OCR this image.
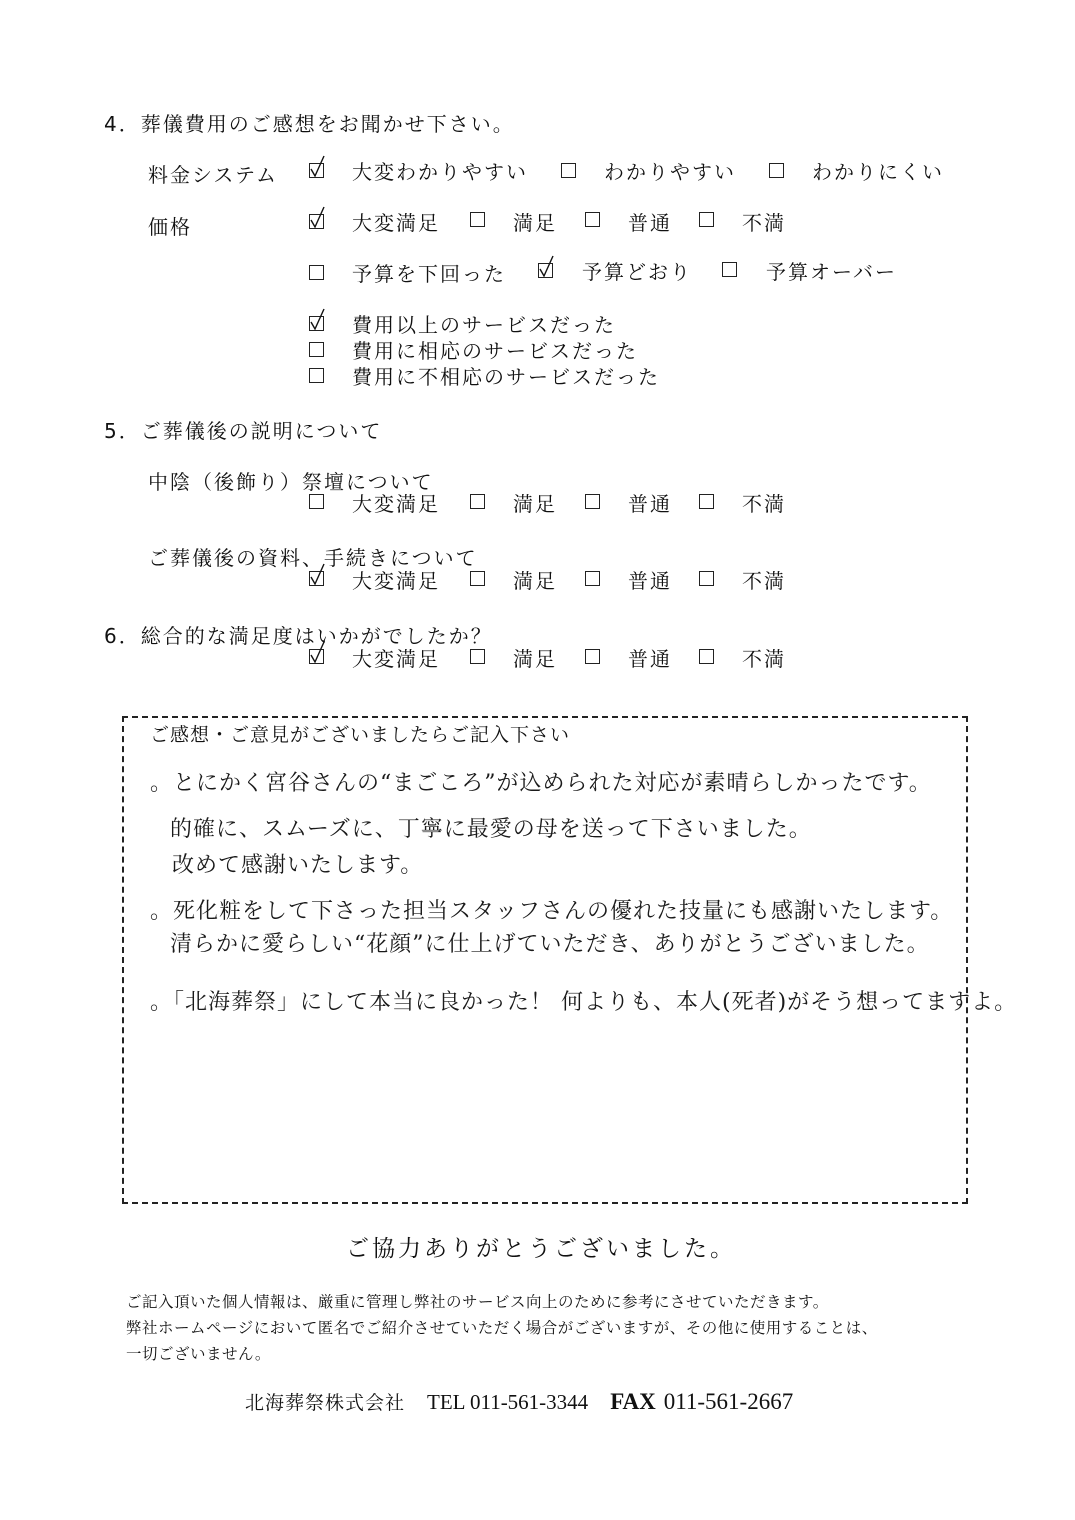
4．葬儀費用のご感想をお聞かせ下さい。
料金システム	大変わかりやすい	わかりやすい	わかりにくい
価格	大変満足	満足	普通	不満
予算を下回った	予算どおり	予算オーバー
費用以上のサービスだった
費用に相応のサービスだった
費用に不相応のサービスだった
5．ご葬儀後の説明について
中陰（後飾り）祭壇について
大変満足	満足	普通	不満
ご葬儀後の資料、手続きについて
大変満足	満足	普通	不満
6．総合的な満足度はいかがでしたか？
大変満足	満足	普通	不満
ご感想・ご意見がございましたらご記入下さい
。とにかく宮谷さんの“まごころ”が込められた対応が素晴らしかったです。
的確に、スムーズに、丁寧に最愛の母を送って下さいました。
改めて感謝いたします。
。死化粧をして下さった担当スタッフさんの優れた技量にも感謝いたします。
清らかに愛らしい“花顔”に仕上げていただき、ありがとうございました。
。「北海葬祭」にして本当に良かった！ 何よりも、本人(死者)がそう想ってますよ。
ご協力ありがとうございました。
ご記入頂いた個人情報は、厳重に管理し弊社のサービス向上のために参考にさせていただきます。
弊社ホームページにおいて匿名でご紹介させていただく場合がございますが、その他に使用することは、
一切ございません。
北海葬祭株式会社 TEL 011-561-3344 FAX 011-561-2667
